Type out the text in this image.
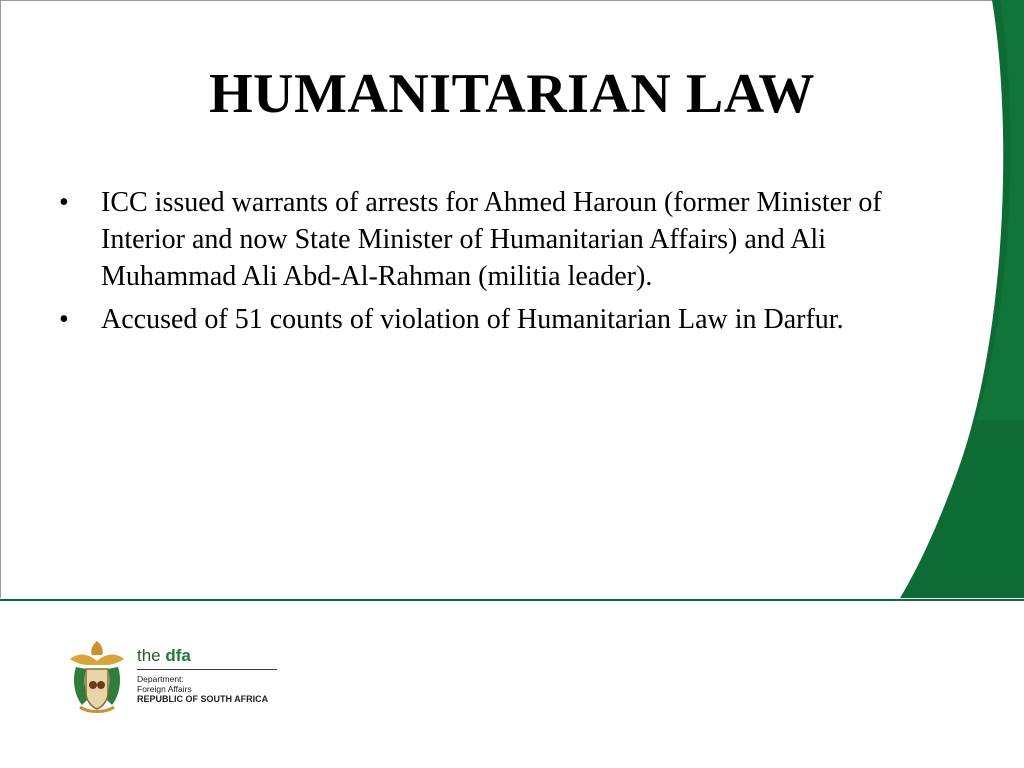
HUMANITARIAN LAW
• ICC issued warrants of arrests for Ahmed Haroun (former Minister of Interior and now State Minister of Humanitarian Affairs) and Ali Muhammad Ali Abd-Al-Rahman (militia leader).
• Accused of 51 counts of violation of Humanitarian Law in Darfur.
the dfa
Department:
Foreign Affairs
REPUBLIC OF SOUTH AFRICA
